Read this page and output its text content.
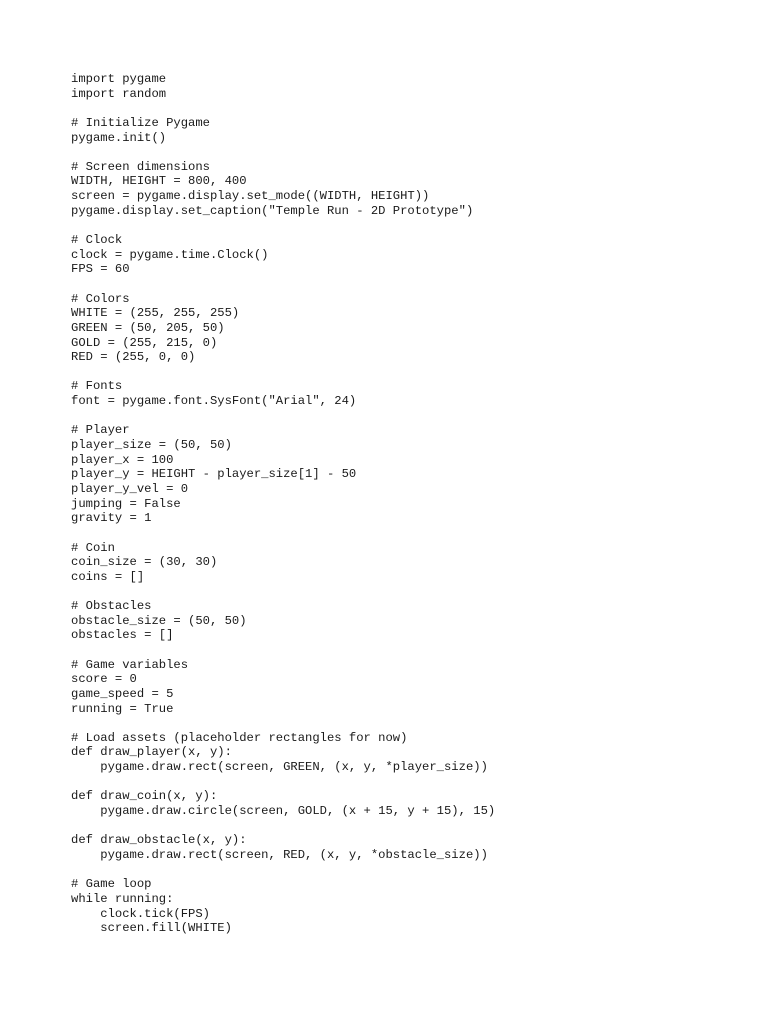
import pygame
import random
# Initialize Pygame
pygame.init()
# Screen dimensions
WIDTH, HEIGHT = 800, 400
screen = pygame.display.set_mode((WIDTH, HEIGHT))
pygame.display.set_caption("Temple Run - 2D Prototype")
# Clock
clock = pygame.time.Clock()
FPS = 60
# Colors
WHITE = (255, 255, 255)
GREEN = (50, 205, 50)
GOLD = (255, 215, 0)
RED = (255, 0, 0)
# Fonts
font = pygame.font.SysFont("Arial", 24)
# Player
player_size = (50, 50)
player_x = 100
player_y = HEIGHT - player_size[1] - 50
player_y_vel = 0
jumping = False
gravity = 1
# Coin
coin_size = (30, 30)
coins = []
# Obstacles
obstacle_size = (50, 50)
obstacles = []
# Game variables
score = 0
game_speed = 5
running = True
# Load assets (placeholder rectangles for now)
def draw_player(x, y):
pygame.draw.rect(screen, GREEN, (x, y, *player_size))
def draw_coin(x, y):
pygame.draw.circle(screen, GOLD, (x + 15, y + 15), 15)
def draw_obstacle(x, y):
pygame.draw.rect(screen, RED, (x, y, *obstacle_size))
# Game loop
while running:
clock.tick(FPS)
screen.fill(WHITE)
